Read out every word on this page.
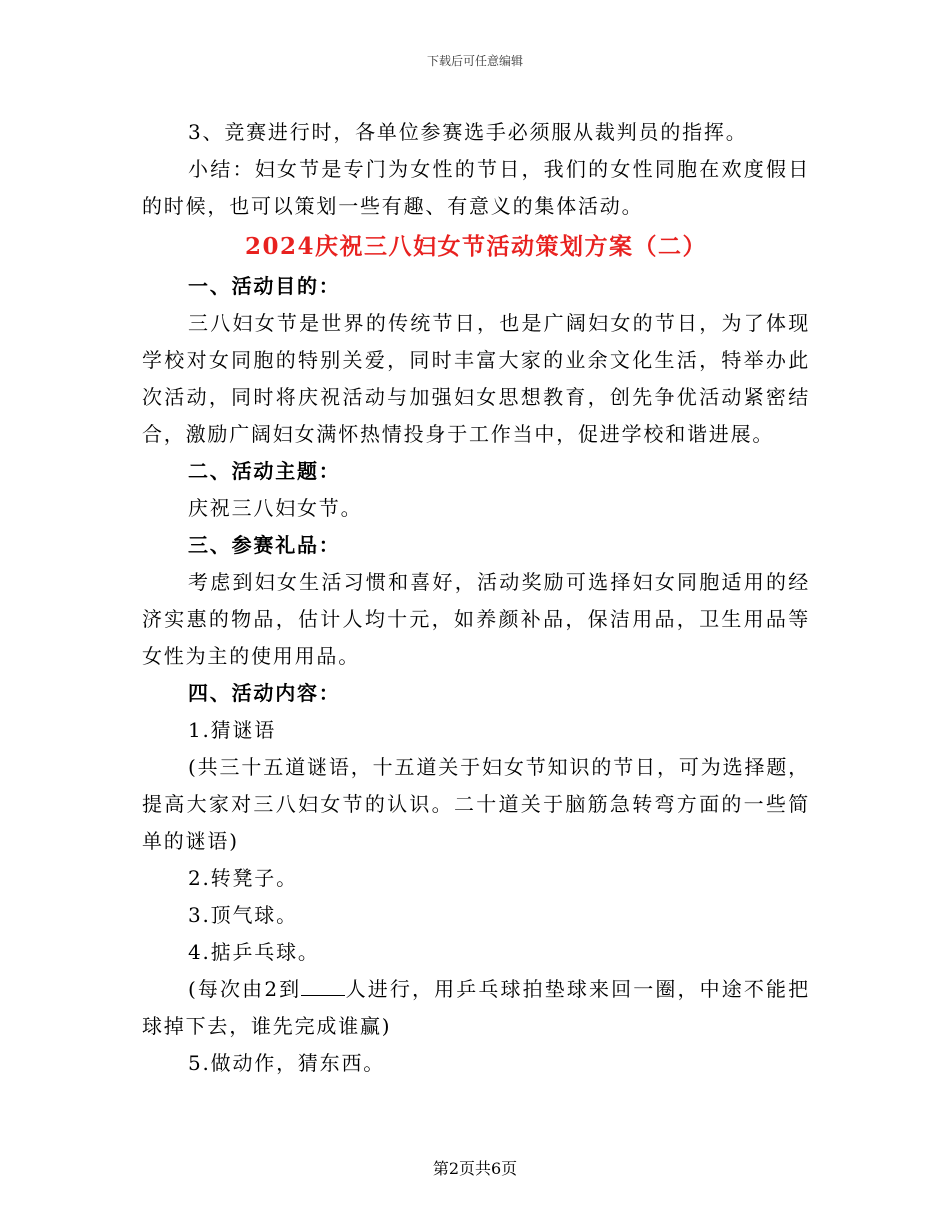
下载后可任意编辑

3、竞赛进行时，各单位参赛选手必须服从裁判员的指挥。

小结：妇女节是专门为女性的节日，我们的女性同胞在欢度假日的时候，也可以策划一些有趣、有意义的集体活动。

2024庆祝三八妇女节活动策划方案（二）

一、活动目的：

三八妇女节是世界的传统节日，也是广阔妇女的节日，为了体现学校对女同胞的特别关爱，同时丰富大家的业余文化生活，特举办此次活动，同时将庆祝活动与加强妇女思想教育，创先争优活动紧密结合，激励广阔妇女满怀热情投身于工作当中，促进学校和谐进展。

二、活动主题：

庆祝三八妇女节。

三、参赛礼品：

考虑到妇女生活习惯和喜好，活动奖励可选择妇女同胞适用的经济实惠的物品，估计人均十元，如养颜补品，保洁用品，卫生用品等女性为主的使用用品。

四、活动内容：

1.猜谜语

(共三十五道谜语，十五道关于妇女节知识的节日，可为选择题，提高大家对三八妇女节的认识。二十道关于脑筋急转弯方面的一些简单的谜语)

2.转凳子。

3.顶气球。

4.掂乒乓球。

(每次由2到 人进行，用乒乓球拍垫球来回一圈，中途不能把球掉下去，谁先完成谁赢)

5.做动作，猜东西。

第2页共6页
